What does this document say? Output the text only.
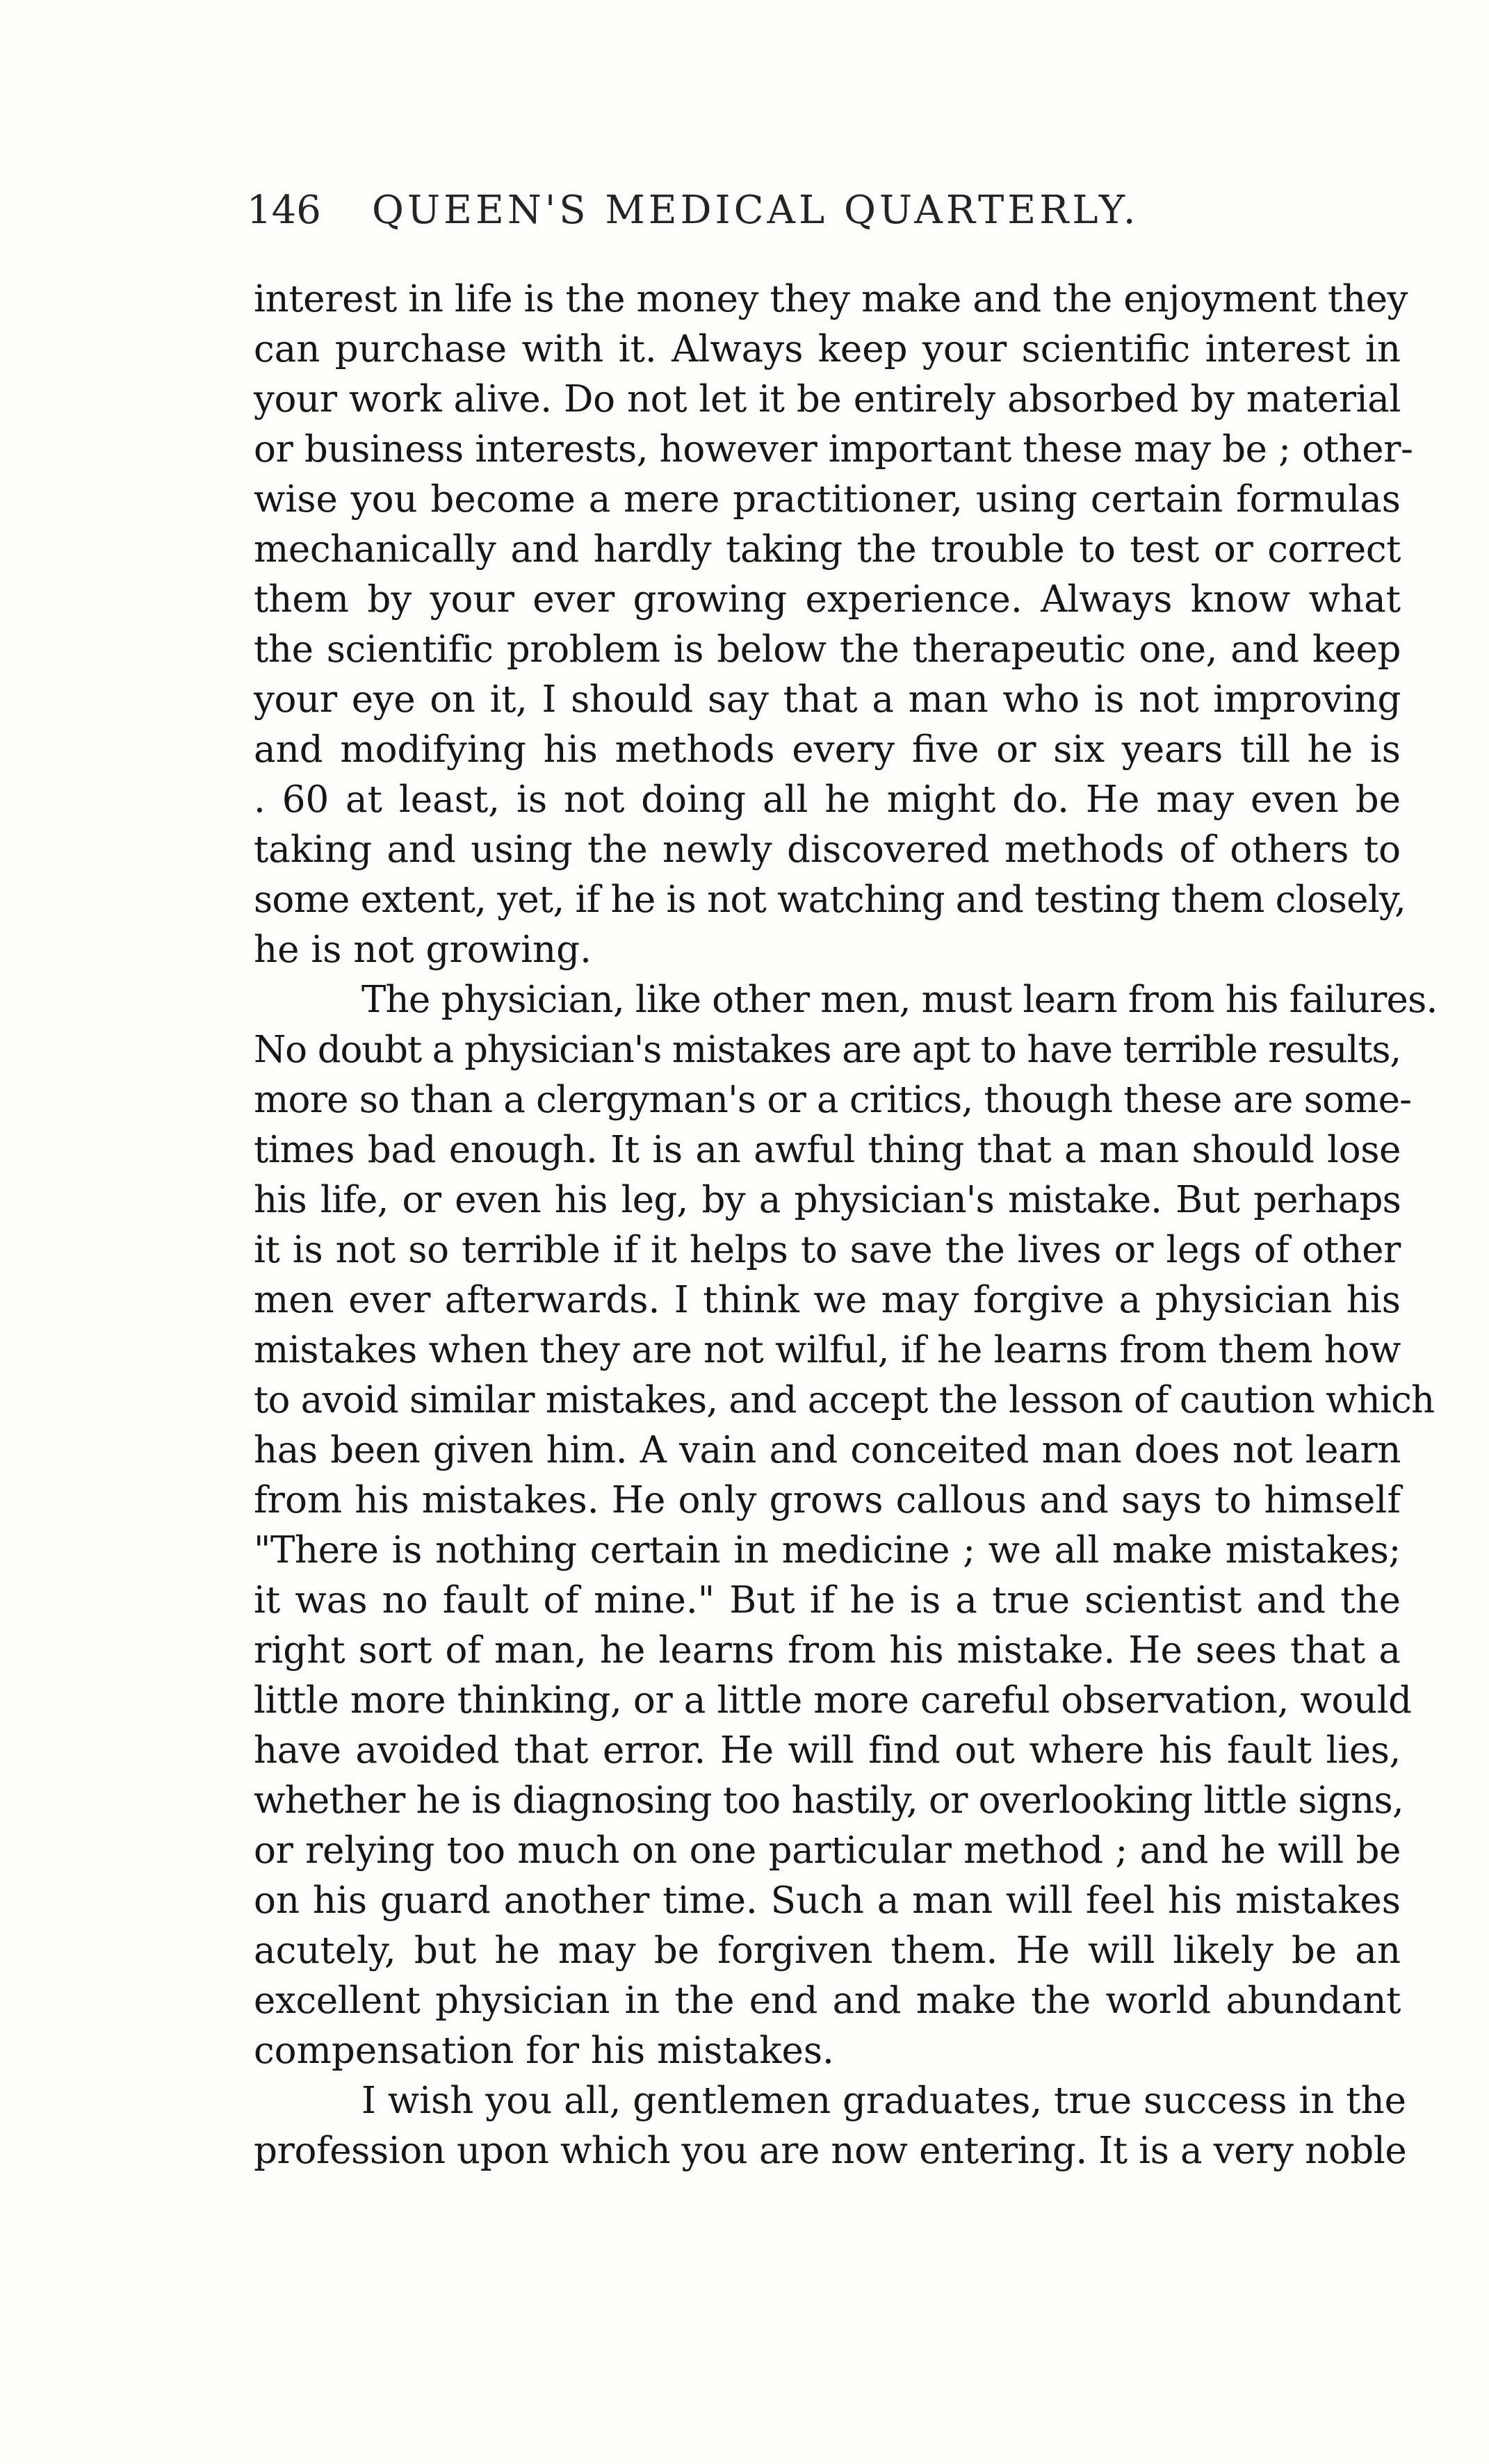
146 QUEEN'S MEDICAL QUARTERLY.
interest in life is the money they make and the enjoyment they
can purchase with it. Always keep your scientific interest in
your work alive. Do not let it be entirely absorbed by material
or business interests, however important these may be ; other-
wise you become a mere practitioner, using certain formulas
mechanically and hardly taking the trouble to test or correct
them by your ever growing experience. Always know what
the scientific problem is below the therapeutic one, and keep
your eye on it, I should say that a man who is not improving
and modifying his methods every five or six years till he is
. 60 at least, is not doing all he might do. He may even be
taking and using the newly discovered methods of others to
some extent, yet, if he is not watching and testing them closely,
he is not growing.
The physician, like other men, must learn from his failures.
No doubt a physician's mistakes are apt to have terrible results,
more so than a clergyman's or a critics, though these are some-
times bad enough. It is an awful thing that a man should lose
his life, or even his leg, by a physician's mistake. But perhaps
it is not so terrible if it helps to save the lives or legs of other
men ever afterwards. I think we may forgive a physician his
mistakes when they are not wilful, if he learns from them how
to avoid similar mistakes, and accept the lesson of caution which
has been given him. A vain and conceited man does not learn
from his mistakes. He only grows callous and says to himself
"There is nothing certain in medicine ; we all make mistakes;
it was no fault of mine." But if he is a true scientist and the
right sort of man, he learns from his mistake. He sees that a
little more thinking, or a little more careful observation, would
have avoided that error. He will find out where his fault lies,
whether he is diagnosing too hastily, or overlooking little signs,
or relying too much on one particular method ; and he will be
on his guard another time. Such a man will feel his mistakes
acutely, but he may be forgiven them. He will likely be an
excellent physician in the end and make the world abundant
compensation for his mistakes.
I wish you all, gentlemen graduates, true success in the
profession upon which you are now entering. It is a very noble
